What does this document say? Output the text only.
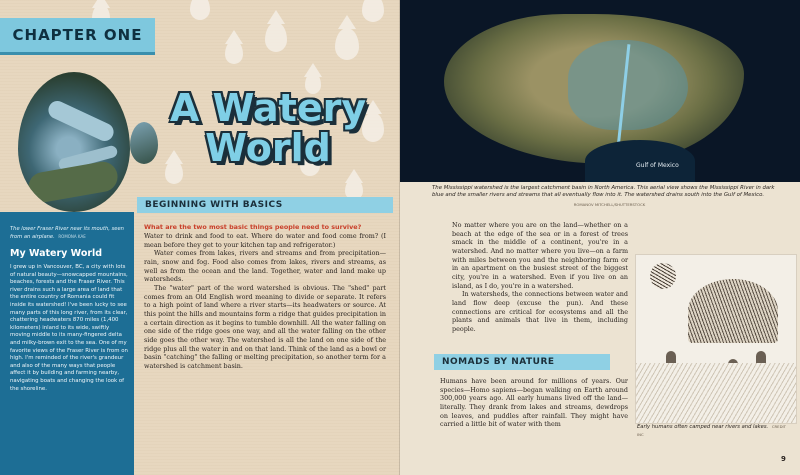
CHAPTER ONE
A Watery
World
The lower Fraser River near its mouth, seen from an airplane. ROMONA KAE
My Watery World
I grew up in Vancouver, BC, a city with lots of natural beauty—snowcapped mountains, beaches, forests and the Fraser River. This river drains such a large area of land that the entire country of Romania could fit inside its watershed! I've been lucky to see many parts of this long river, from its clear, chattering headwaters 870 miles (1,400 kilometers) inland to its wide, swiftly moving middle to its many-fingered delta and milky-brown exit to the sea. One of my favorite views of the Fraser River is from on high. I'm reminded of the river's grandeur and also of the many ways that people affect it by building and farming nearby, navigating boats and changing the look of the shoreline.
BEGINNING WITH BASICS
What are the two most basic things people need to survive?

Water to drink and food to eat. Where do water and food come from? (I mean before they get to your kitchen tap and refrigerator.)

Water comes from lakes, rivers and streams and from precipitation—rain, snow and fog. Food also comes from lakes, rivers and streams, as well as from the ocean and the land. Together, water and land make up watersheds.

The "water" part of the word watershed is obvious. The "shed" part comes from an Old English word meaning to divide or separate. It refers to a high point of land where a river starts—its headwaters or source. At this point the hills and mountains form a ridge that guides precipitation in a certain direction as it begins to tumble downhill. All the water falling on one side of the ridge goes one way, and all the water falling on the other side goes the other way. The watershed is all the land on one side of the ridge plus all the water in and on that land. Think of the land as a bowl or basin "catching" the falling or melting precipitation, so another term for a watershed is catchment basin.

Gulf of Mexico
The Mississippi watershed is the largest catchment basin in North America. This aerial view shows the Mississippi River in dark blue and the smaller rivers and streams that all eventually flow into it. The watershed drains south into the Gulf of Mexico.
ROMANOV MITCHELL/SHUTTERSTOCK

No matter where you are on the land—whether on a beach at the edge of the sea or in a forest of trees smack in the middle of a continent, you're in a watershed. And no matter where you live—on a farm with miles between you and the neighboring farm or in an apartment on the busiest street of the biggest city, you're in a watershed. Even if you live on an island, as I do, you're in a watershed.

In watersheds, the connections between water and land flow deep (excuse the pun). And these connections are critical for ecosystems and all the plants and animals that live in them, including people.

NOMADS BY NATURE

Humans have been around for millions of years. Our species—Homo sapiens—began walking on Earth around 300,000 years ago. All early humans lived off the land—literally. They drank from lakes and streams, dewdrops on leaves, and puddles after rainfall. They might have carried a little bit of water with them	Early humans often camped near rivers and lakes. CREDIT INC
9
